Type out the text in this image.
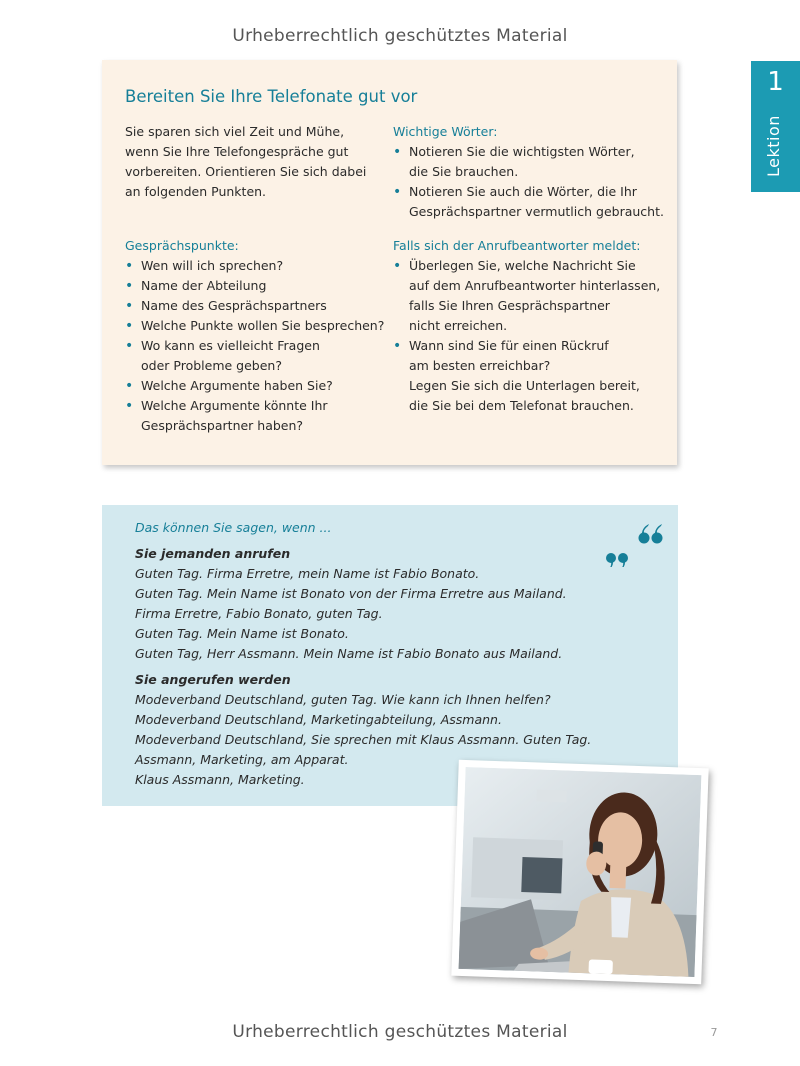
Urheberrechtlich geschütztes Material
1
Lektion
Bereiten Sie Ihre Telefonate gut vor

Sie sparen sich viel Zeit und Mühe,

wenn Sie Ihre Telefongespräche gut

vorbereiten. Orientieren Sie sich dabei

an folgenden Punkten.

Gesprächspunkte:

• Wen will ich sprechen?
• Name der Abteilung
• Name des Gesprächspartners
• Welche Punkte wollen Sie besprechen?
• Wo kann es vielleicht Fragen
oder Probleme geben?
• Welche Argumente haben Sie?
• Welche Argumente könnte Ihr
Gesprächspartner haben?

Wichtige Wörter:

• Notieren Sie die wichtigsten Wörter,
die Sie brauchen.
• Notieren Sie auch die Wörter, die Ihr
Gesprächspartner vermutlich gebraucht.

Falls sich der Anrufbeantworter meldet:

• Überlegen Sie, welche Nachricht Sie
auf dem Anrufbeantworter hinterlassen,
falls Sie Ihren Gesprächspartner
nicht erreichen.
• Wann sind Sie für einen Rückruf
am besten erreichbar?
Legen Sie sich die Unterlagen bereit,
die Sie bei dem Telefonat brauchen.

Das können Sie sagen, wenn ...

Sie jemanden anrufen

Guten Tag. Firma Erretre, mein Name ist Fabio Bonato.

Guten Tag. Mein Name ist Bonato von der Firma Erretre aus Mailand.

Firma Erretre, Fabio Bonato, guten Tag.

Guten Tag. Mein Name ist Bonato.

Guten Tag, Herr Assmann. Mein Name ist Fabio Bonato aus Mailand.

Sie angerufen werden

Modeverband Deutschland, guten Tag. Wie kann ich Ihnen helfen?

Modeverband Deutschland, Marketingabteilung, Assmann.

Modeverband Deutschland, Sie sprechen mit Klaus Assmann. Guten Tag.

Assmann, Marketing, am Apparat.

Klaus Assmann, Marketing.

Urheberrechtlich geschütztes Material	7
